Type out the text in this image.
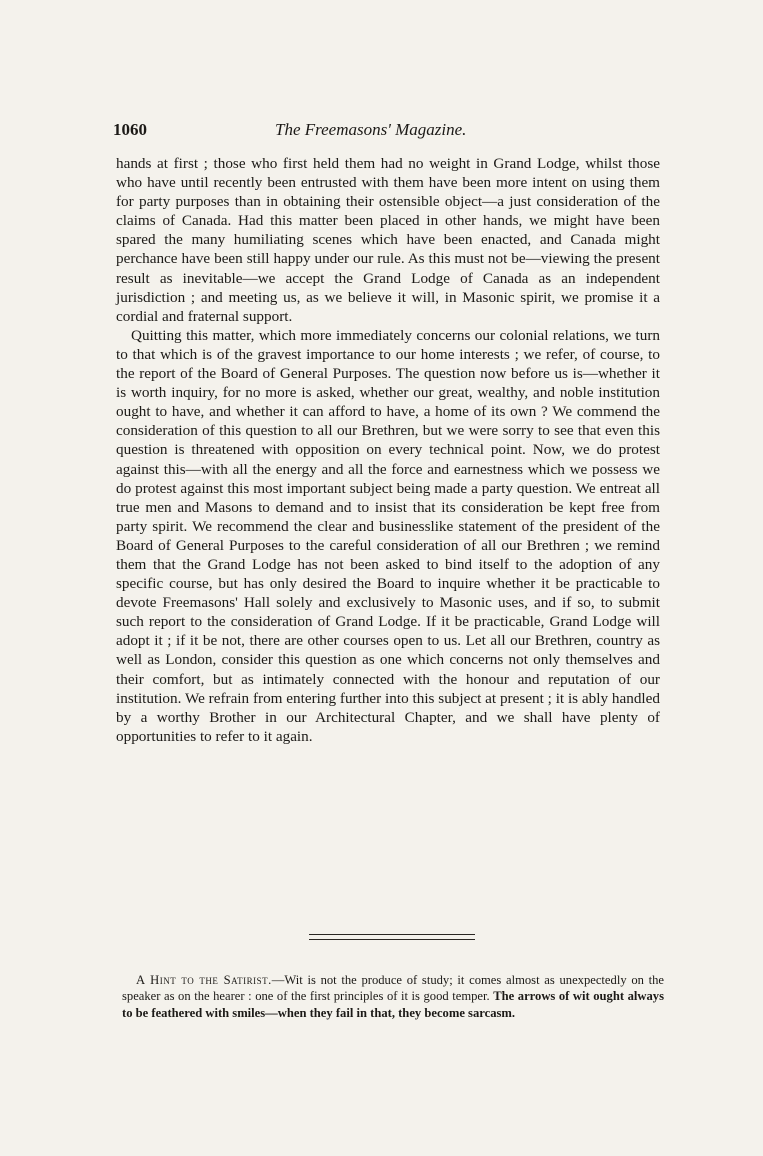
1060	The Freemasons' Magazine.

hands at first ; those who first held them had no weight in Grand Lodge, whilst those who have until recently been entrusted with them have been more intent on using them for party purposes than in obtaining their ostensible object—a just consideration of the claims of Canada. Had this matter been placed in other hands, we might have been spared the many humiliating scenes which have been enacted, and Canada might perchance have been still happy under our rule. As this must not be—viewing the present result as inevitable—we accept the Grand Lodge of Canada as an independent jurisdiction ; and meeting us, as we believe it will, in Masonic spirit, we promise it a cordial and fraternal support.

Quitting this matter, which more immediately concerns our colonial relations, we turn to that which is of the gravest importance to our home interests ; we refer, of course, to the report of the Board of General Purposes. The question now before us is—whether it is worth inquiry, for no more is asked, whether our great, wealthy, and noble institution ought to have, and whether it can afford to have, a home of its own ? We commend the consideration of this question to all our Brethren, but we were sorry to see that even this question is threatened with opposition on every technical point. Now, we do protest against this—with all the energy and all the force and earnestness which we possess we do protest against this most important subject being made a party question. We entreat all true men and Masons to demand and to insist that its consideration be kept free from party spirit. We recommend the clear and businesslike statement of the president of the Board of General Purposes to the careful consideration of all our Brethren ; we remind them that the Grand Lodge has not been asked to bind itself to the adoption of any specific course, but has only desired the Board to inquire whether it be practicable to devote Freemasons' Hall solely and exclusively to Masonic uses, and if so, to submit such report to the consideration of Grand Lodge. If it be practicable, Grand Lodge will adopt it ; if it be not, there are other courses open to us. Let all our Brethren, country as well as London, consider this question as one which concerns not only themselves and their comfort, but as intimately connected with the honour and reputation of our institution. We refrain from entering further into this subject at present ; it is ably handled by a worthy Brother in our Architectural Chapter, and we shall have plenty of opportunities to refer to it again.

A Hint to the Satirist.—Wit is not the produce of study; it comes almost as unexpectedly on the speaker as on the hearer : one of the first principles of it is good temper. The arrows of wit ought always to be feathered with smiles—when they fail in that, they become sarcasm.
